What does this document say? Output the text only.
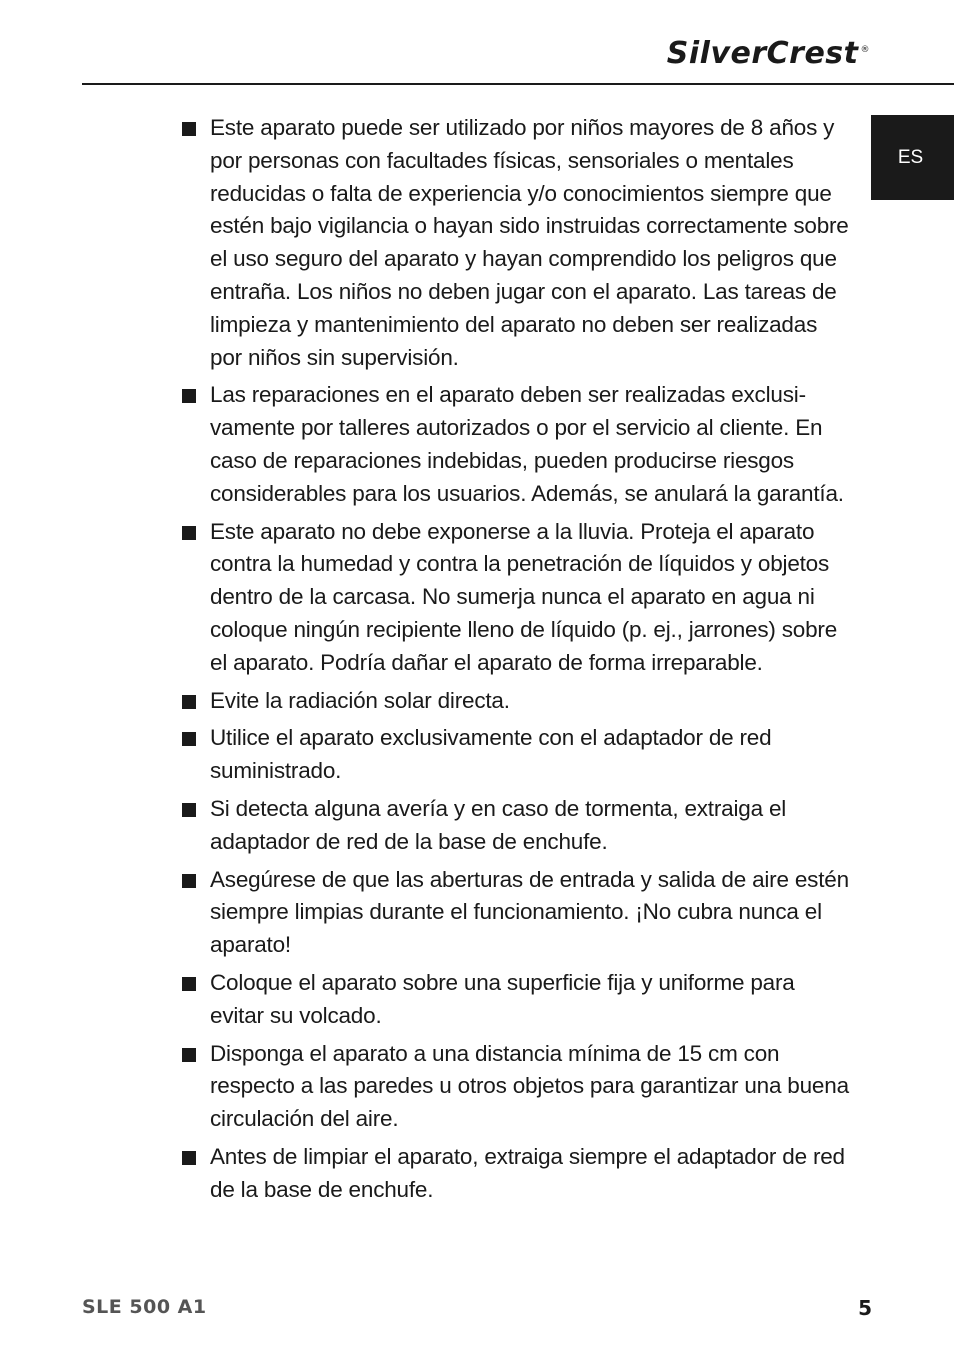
SilverCrest ®
ES
Este aparato puede ser utilizado por niños mayores de 8 años y por personas con facultades físicas, sensoriales o mentales reducidas o falta de experiencia y/o conocimientos siempre que estén bajo vigilancia o hayan sido instruidas correctamente sobre el uso seguro del aparato y hayan comprendido los peligros que entraña. Los niños no deben jugar con el aparato. Las tareas de limpieza y mantenimiento del aparato no deben ser realizadas por niños sin supervisión.
Las reparaciones en el aparato deben ser realizadas exclusivamente por talleres autorizados o por el servicio al cliente. En caso de reparaciones indebidas, pueden producirse riesgos considerables para los usuarios. Además, se anulará la garantía.
Este aparato no debe exponerse a la lluvia. Proteja el aparato contra la humedad y contra la penetración de líquidos y objetos dentro de la carcasa. No sumerja nunca el aparato en agua ni coloque ningún recipiente lleno de líquido (p. ej., jarrones) sobre el aparato. Podría dañar el aparato de forma irreparable.
Evite la radiación solar directa.
Utilice el aparato exclusivamente con el adaptador de red suministrado.
Si detecta alguna avería y en caso de tormenta, extraiga el adaptador de red de la base de enchufe.
Asegúrese de que las aberturas de entrada y salida de aire estén siempre limpias durante el funcionamiento. ¡No cubra nunca el aparato!
Coloque el aparato sobre una superficie fija y uniforme para evitar su volcado.
Disponga el aparato a una distancia mínima de 15 cm con respecto a las paredes u otros objetos para garantizar una buena circulación del aire.
Antes de limpiar el aparato, extraiga siempre el adaptador de red de la base de enchufe.
SLE 500 A1	5
